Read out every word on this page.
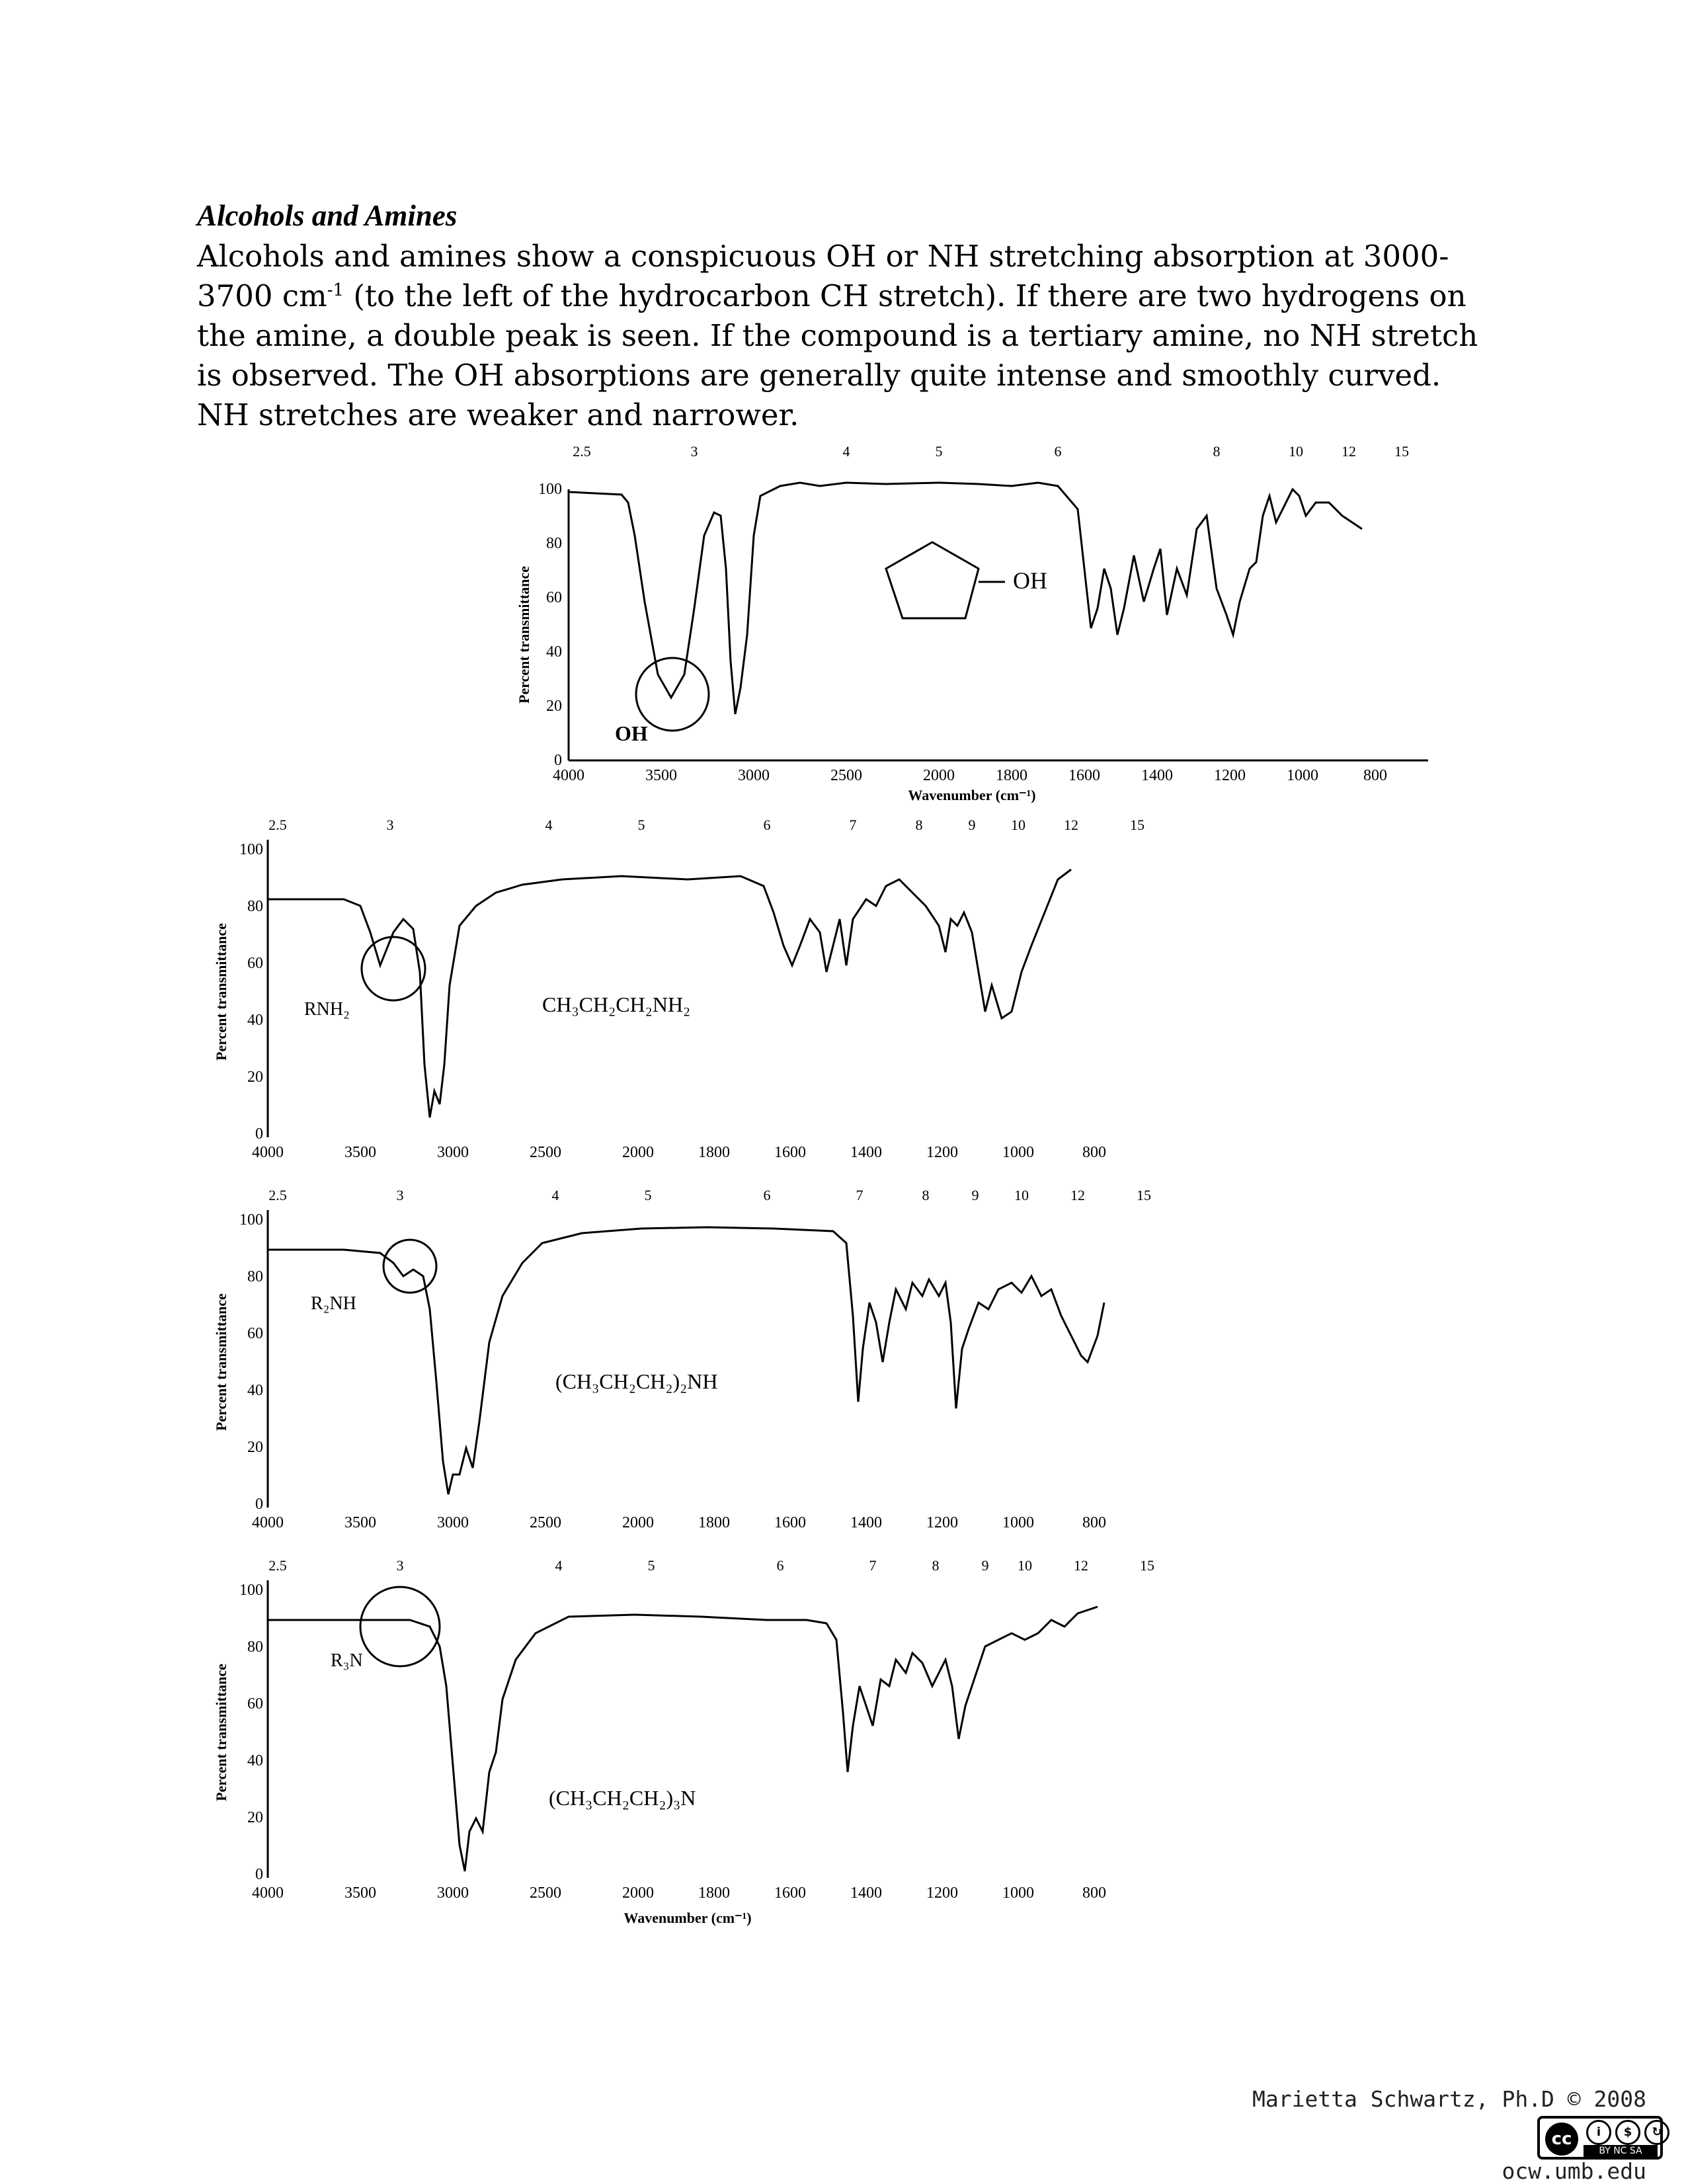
Alcohols and Amines

Alcohols and amines show a conspicuous OH or NH stretching absorption at 3000-3700 $cm^{-1}$ (to the left of the hydrocarbon CH stretch). If there are two hydrogens on the amine, a double peak is seen. If the compound is a tertiary amine, no NH stretch is observed. The OH absorptions are generally quite intense and smoothly curved. NH stretches are weaker and narrower.

OH
OH
Percent transmittance
Wavenumber (cm⁻¹)
0
20
40
60
80
100
4000	3500	3000	2500	2000	1800	1600	1400	1200	1000	800
2.5	3	4	5	6	8	10	12	15
RNH₂	CH₃CH₂CH₂NH₂
Percent transmittance
0
20
40
60
80
100
4000	3500	3000	2500	2000	1800	1600	1400	1200	1000	800
2.5	3	4	5	6	7	8	9 10	12	15
R₂NH
(CH₃CH₂CH₂)₂NH
Percent transmittance
0
20
40
60
80
100
4000	3500	3000	2500	2000	1800	1600	1400	1200	1000	800
2.5	3	4	5	6	7	8	9 10	12	15
R₃N
(CH₃CH₂CH₂)₃N
Percent transmittance
Wavenumber (cm⁻¹)
0
20
40
60
80
100
4000	3500	3000	2500	2000	1800	1600	1400	1200	1000	800
2.5	3	4	5	6	7	8	9 10	12	15
Marietta Schwartz, Ph.D © 2008
cc	i	$	↻
BY NC SA
ocw.umb.edu
